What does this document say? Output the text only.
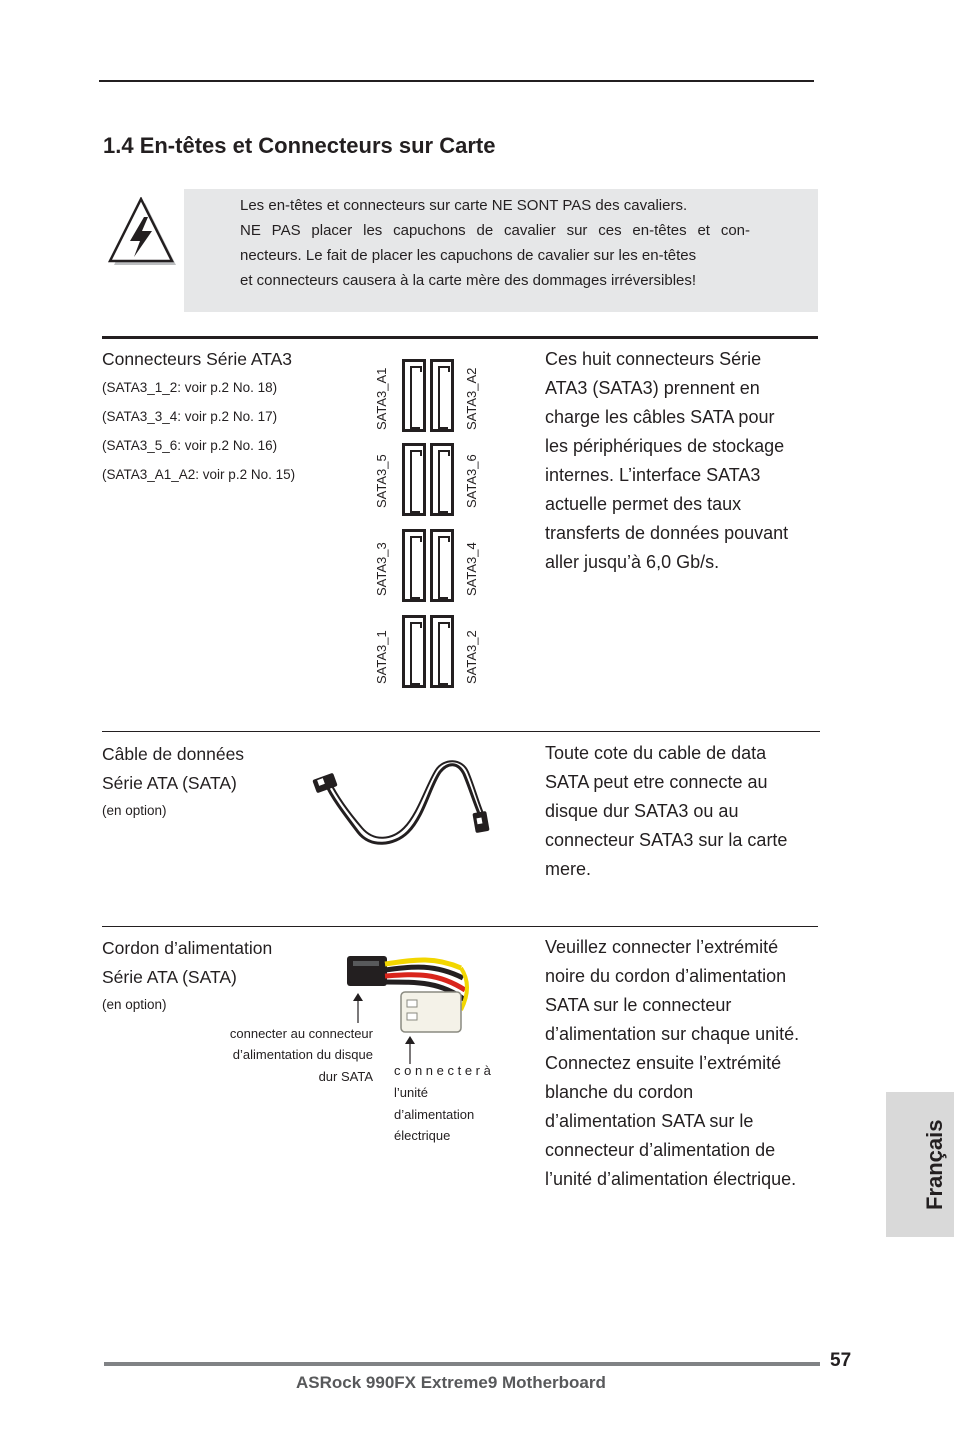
1.4 En-têtes et Connecteurs sur Carte
Les en-têtes et connecteurs sur carte NE SONT PAS des cavaliers.
NE PAS placer les capuchons de cavalier sur ces en-têtes et con-
necteurs. Le fait de placer les capuchons de cavalier sur les en-têtes
et connecteurs causera à la carte mère des dommages irréversibles!
Connecteurs Série ATA3
(SATA3_1_2: voir p.2 No. 18)
(SATA3_3_4: voir p.2 No. 17)
(SATA3_5_6: voir p.2 No. 16)
(SATA3_A1_A2: voir p.2 No. 15)
SATA3_A1	SATA3_A2
SATA3_5	SATA3_6
SATA3_3	SATA3_4
SATA3_1	SATA3_2
Ces huit connecteurs Série
ATA3 (SATA3) prennent en
charge les câbles SATA pour
les périphériques de stockage
internes. L’interface SATA3
actuelle permet des taux
transferts de données pouvant
aller jusqu’à 6,0 Gb/s.
Câble de données
Série ATA (SATA)
(en option)
Toute cote du cable de data
SATA peut etre connecte au
disque dur SATA3 ou au
connecteur SATA3 sur la carte
mere.
Cordon d’alimentation
Série ATA (SATA)
(en option)
connecter au connecteur
d’alimentation du disque
dur SATA c o n n e c t e r à
l’unité
d’alimentation
électrique
Veuillez connecter l’extrémité
noire du cordon d’alimentation
SATA sur le connecteur
d’alimentation sur chaque unité.
Connectez ensuite l’extrémité
blanche du cordon
d’alimentation SATA sur le
connecteur d’alimentation de
l’unité d’alimentation électrique.	Français
57
ASRock 990FX Extreme9 Motherboard
